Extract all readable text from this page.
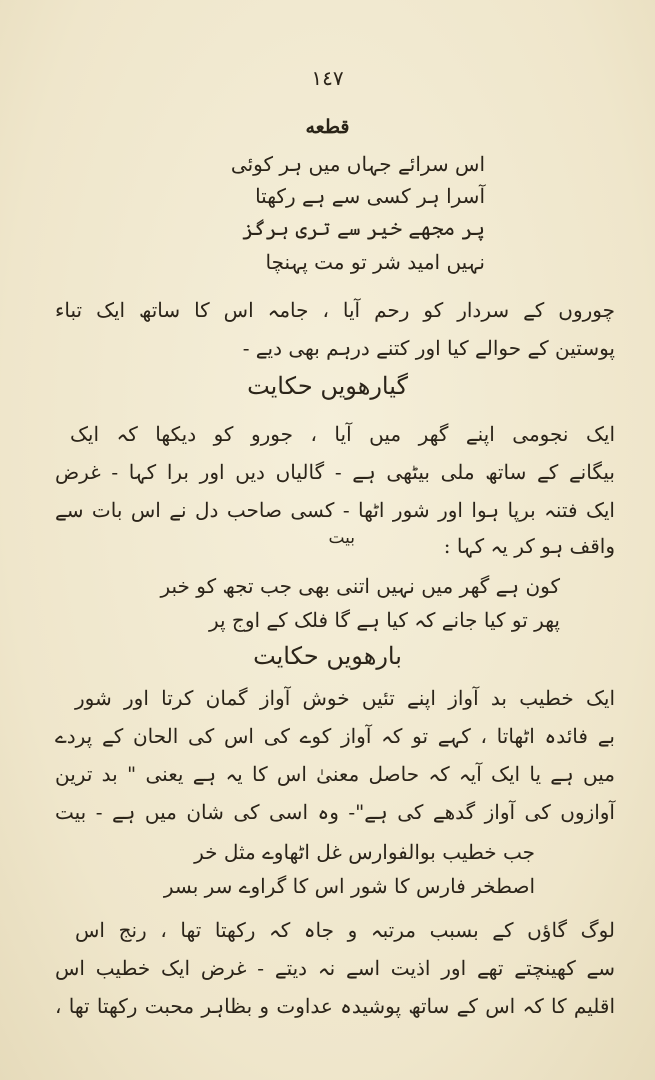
١٤٧
قطعه
اس سرائے جہاں میں ہر کوئی
آسرا ہر کسی سے ہے رکھتا
پر مجھے خیر سے تری ہرگز
نہیں امید شر تو مت پہنچا
چوروں کے سردار کو رحم آیا ، جامہ اس کا ساتھ ایک تباء
پوستین کے حوالے کیا اور کتنے درہم بھی دیے -
گیارھویں حکایت
ایک نجومی اپنے گھر میں آیا ، جورو کو دیکھا کہ ایک
بیگانے کے ساتھ ملی بیٹھی ہے - گالیاں دیں اور برا کہا - غرض
ایک فتنہ برپا ہوا اور شور اٹھا - کسی صاحب دل نے اس بات سے
بیت	واقف ہو کر یہ کہا :
کون ہے گھر میں نہیں اتنی بھی جب تجھ کو خبر
پھر تو کیا جانے کہ کیا ہے گا فلک کے اوج پر
بارھویں حکایت
ایک خطیب بد آواز اپنے تئیں خوش آواز گمان کرتا اور شور
بے فائدہ اٹھاتا ، کہے تو کہ آواز کوے کی اس کی الحان کے پردے
میں ہے یا ایک آیہ کہ حاصل معنیٰ اس کا یہ ہے یعنی " بد ترین
آوازوں کی آواز گدھے کی ہے"- وہ اسی کی شان میں ہے - بیت
جب خطیب بوالفوارس غل اٹھاوے مثل خر
اصطخر فارس کا شور اس کا گراوے سر بسر
لوگ گاؤں کے بسبب مرتبہ و جاہ کہ رکھتا تھا ، رنج اس
سے کھینچتے تھے اور اذیت اسے نہ دیتے - غرض ایک خطیب اس
اقلیم کا کہ اس کے ساتھ پوشیدہ عداوت و بظاہر محبت رکھتا تھا ،
